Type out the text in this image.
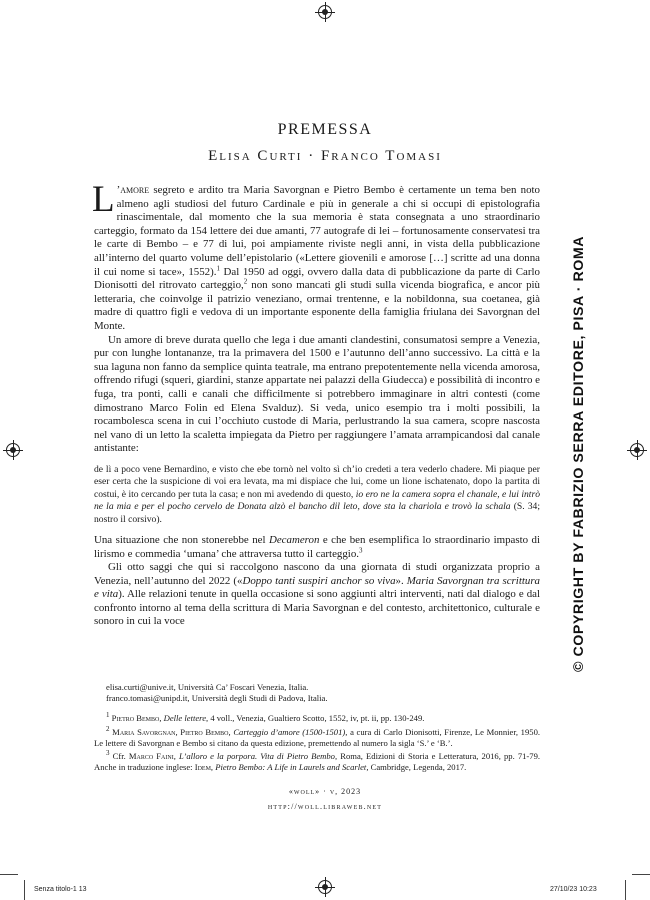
PREMESSA
Elisa Curti · Franco Tomasi

L ’amore segreto e ardito tra Maria Savorgnan e Pietro Bembo è certamente un tema ben noto almeno agli studiosi del futuro Cardinale e più in generale a chi si occupi di epistolografia rinascimentale, dal momento che la sua memoria è stata consegnata a uno straordinario carteggio, formato da 154 lettere dei due amanti, 77 autografe di lei – fortunosamente conservatesi tra le carte di Bembo – e 77 di lui, poi ampiamente riviste negli anni, in vista della pubblicazione all’interno del quarto volume dell’epistolario («Lettere giovenili e amorose […] scritte ad una donna il cui nome si tace», 1552).$^1$ Dal 1950 ad oggi, ovvero dalla data di pubblicazione da parte di Carlo Dionisotti del ritrovato carteggio,$^2$ non sono mancati gli studi sulla vicenda biografica, e ancor più letteraria, che coinvolge il patrizio veneziano, ormai trentenne, e la nobildonna, sua coetanea, già madre di quattro figli e vedova di un importante esponente della famiglia friulana dei Savorgnan del Monte.

Un amore di breve durata quello che lega i due amanti clandestini, consumatosi sempre a Venezia, pur con lunghe lontananze, tra la primavera del 1500 e l’autunno dell’anno successivo. La città e la sua laguna non fanno da semplice quinta teatrale, ma entrano prepotentemente nella vicenda amorosa, offrendo rifugi (squeri, giardini, stanze appartate nei palazzi della Giudecca) e possibilità di incontro e fuga, tra ponti, calli e canali che difficilmente si potrebbero immaginare in altri contesti (come dimostrano Marco Folin ed Elena Svalduz). Si veda, unico esempio tra i molti possibili, la rocambolesca scena in cui l’occhiuto custode di Maria, perlustrando la sua camera, scopre nascosta nel vano di un letto la scaletta impiegata da Pietro per raggiungere l’amata arrampicandosi dal canale antistante:

de lì a poco vene Bernardino, e visto che ebe tornò nel volto sì ch’io credeti a tera vederlo chadere. Mi piaque per eser certa che la suspicione di voi era levata, ma mi dispiace che lui, come un lione ischatenato, dopo la partita di costui, è ito cercando per tuta la casa; e non mi avedendo di questo, io ero ne la camera sopra el chanale, e lui intrò ne la mia e per el pocho cervelo de Donata alzò el bancho dil leto, dove sta la chariola e trovò la schala (S. 34; nostro il corsivo).

Una situazione che non stonerebbe nel Decameron e che ben esemplifica lo straordinario impasto di lirismo e commedia ‘umana’ che attraversa tutto il carteggio.$^3$

Gli otto saggi che qui si raccolgono nascono da una giornata di studi organizzata proprio a Venezia, nell’autunno del 2022 («Doppo tanti suspiri anchor so viva». Maria Savorgnan tra scrittura e vita). Alle relazioni tenute in quella occasione si sono aggiunti altri interventi, nati dal dialogo e dal confronto intorno al tema della scrittura di Maria Savorgnan e del contesto, architettonico, culturale e sonoro in cui la voce

elisa.curti@unive.it, Università Ca’ Foscari Venezia, Italia.

franco.tomasi@unipd.it, Università degli Studi di Padova, Italia.

$^1$ Pietro Bembo, Delle lettere, 4 voll., Venezia, Gualtiero Scotto, 1552, iv, pt. ii, pp. 130-249.

$^2$ Maria Savorgnan, Pietro Bembo, Carteggio d’amore (1500-1501), a cura di Carlo Dionisotti, Firenze, Le Monnier, 1950. Le lettere di Savorgnan e Bembo si citano da questa edizione, premettendo al numero la sigla ‘S.’ e ‘B.’.

$^3$ Cfr. Marco Faini, L’alloro e la porpora. Vita di Pietro Bembo, Roma, Edizioni di Storia e Letteratura, 2016, pp. 71-79. Anche in traduzione inglese: Idem, Pietro Bembo: A Life in Laurels and Scarlet, Cambridge, Legenda, 2017.

«woll» · v, 2023
http://woll.libraweb.net
© COPYRIGHT BY FABRIZIO SERRA EDITORE, PISA · ROMA
Senza titolo-1 13	27/10/23 10:23
